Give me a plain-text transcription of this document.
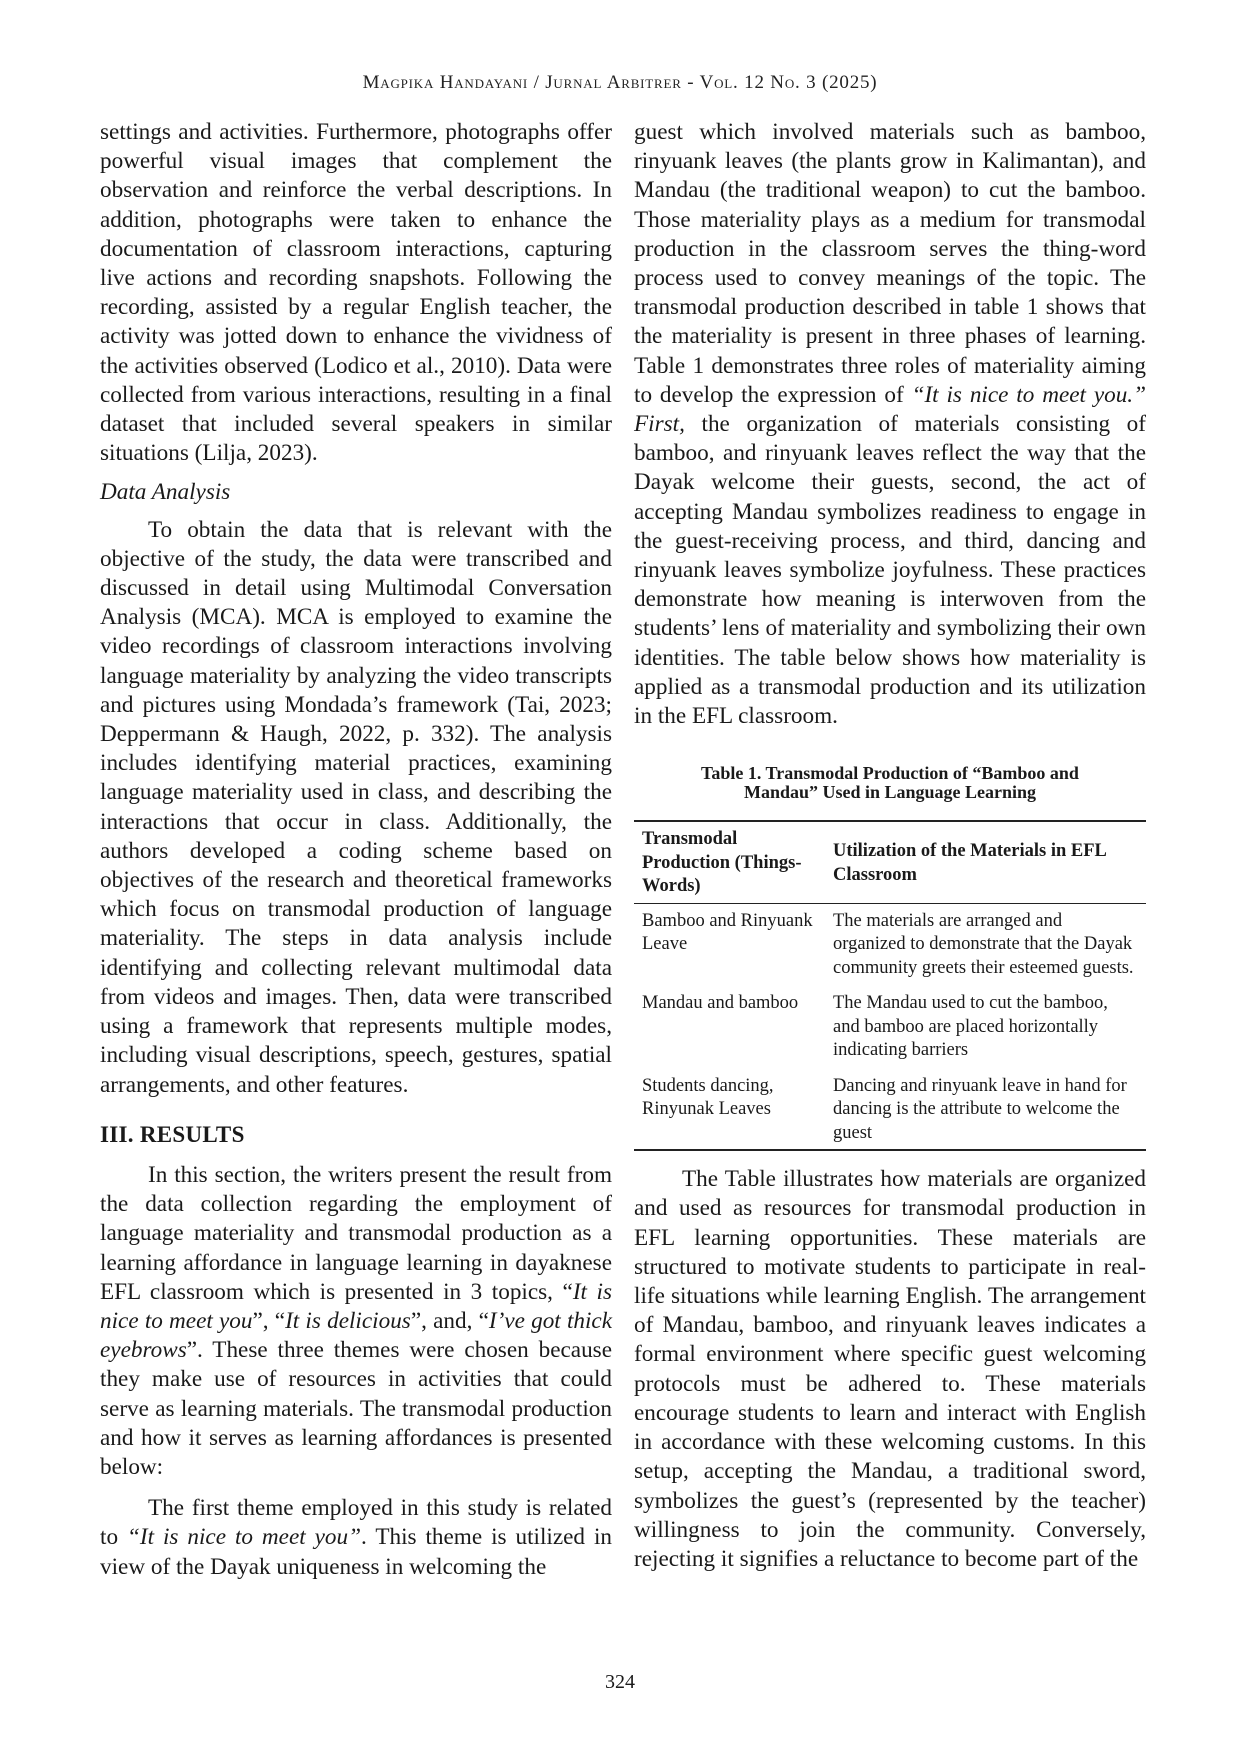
Magpika Handayani / Jurnal Arbitrer - Vol. 12 No. 3 (2025)

settings and activities. Furthermore, photographs offer powerful visual images that complement the observation and reinforce the verbal descriptions. In addition, photographs were taken to enhance the documentation of classroom interactions, capturing live actions and recording snapshots. Following the recording, assisted by a regular English teacher, the activity was jotted down to enhance the vividness of the activities observed (Lodico et al., 2010). Data were collected from various interactions, resulting in a final dataset that included several speakers in similar situations (Lilja, 2023).

Data Analysis

To obtain the data that is relevant with the objective of the study, the data were transcribed and discussed in detail using Multimodal Conversation Analysis (MCA). MCA is employed to examine the video recordings of classroom interactions involving language materiality by analyzing the video transcripts and pictures using Mondada’s framework (Tai, 2023; Deppermann & Haugh, 2022, p. 332). The analysis includes identifying material practices, examining language materiality used in class, and describing the interactions that occur in class. Additionally, the authors developed a coding scheme based on objectives of the research and theoretical frameworks which focus on transmodal production of language materiality. The steps in data analysis include identifying and collecting relevant multimodal data from videos and images. Then, data were transcribed using a framework that represents multiple modes, including visual descriptions, speech, gestures, spatial arrangements, and other features.

III. RESULTS

In this section, the writers present the result from the data collection regarding the employment of language materiality and transmodal production as a learning affordance in language learning in dayaknese EFL classroom which is presented in 3 topics, “It is nice to meet you”, “It is delicious”, and, “I’ve got thick eyebrows”. These three themes were chosen because they make use of resources in activities that could serve as learning materials. The transmodal production and how it serves as learning affordances is presented below:

The first theme employed in this study is related to “It is nice to meet you”. This theme is utilized in view of the Dayak uniqueness in welcoming the

guest which involved materials such as bamboo, rinyuank leaves (the plants grow in Kalimantan), and Mandau (the traditional weapon) to cut the bamboo. Those materiality plays as a medium for transmodal production in the classroom serves the thing-word process used to convey meanings of the topic. The transmodal production described in table 1 shows that the materiality is present in three phases of learning. Table 1 demonstrates three roles of materiality aiming to develop the expression of “It is nice to meet you.” First, the organization of materials consisting of bamboo, and rinyuank leaves reflect the way that the Dayak welcome their guests, second, the act of accepting Mandau symbolizes readiness to engage in the guest-receiving process, and third, dancing and rinyuank leaves symbolize joyfulness. These practices demonstrate how meaning is interwoven from the students’ lens of materiality and symbolizing their own identities. The table below shows how materiality is applied as a transmodal production and its utilization in the EFL classroom.

Table 1. Transmodal Production of “Bamboo and
Mandau” Used in Language Learning
Transmodal Production (Things-Words)	Utilization of the Materials in EFL Classroom
Bamboo and Rinyuank Leave	The materials are arranged and organized to demonstrate that the Dayak community greets their esteemed guests.
Mandau and bamboo	The Mandau used to cut the bamboo, and bamboo are placed horizontally indicating barriers
Students dancing, Rinyunak Leaves	Dancing and rinyuank leave in hand for dancing is the attribute to welcome the guest

The Table illustrates how materials are organized and used as resources for transmodal production in EFL learning opportunities. These materials are structured to motivate students to participate in real-life situations while learning English. The arrangement of Mandau, bamboo, and rinyuank leaves indicates a formal environment where specific guest welcoming protocols must be adhered to. These materials encourage students to learn and interact with English in accordance with these welcoming customs. In this setup, accepting the Mandau, a traditional sword, symbolizes the guest’s (represented by the teacher) willingness to join the community. Conversely, rejecting it signifies a reluctance to become part of the

324
